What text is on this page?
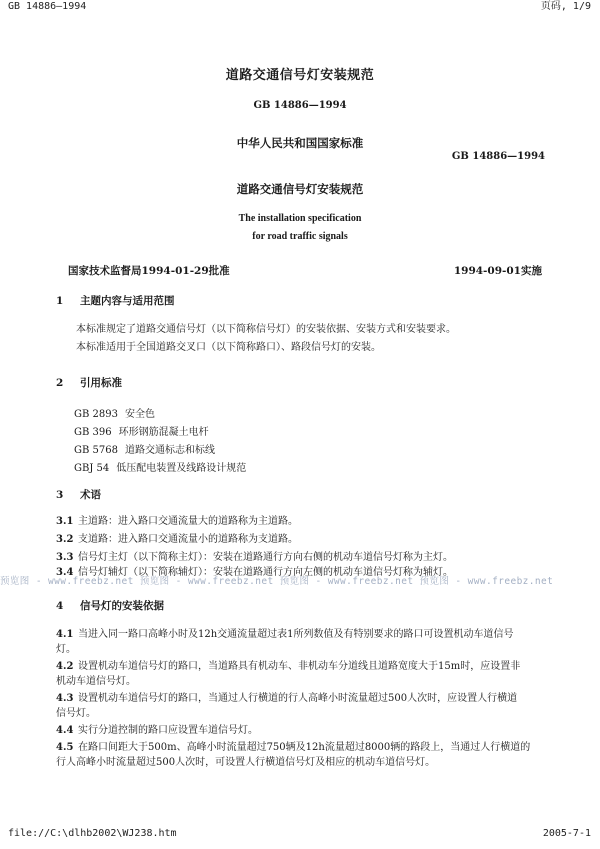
GB 14886—1994	页码, 1/9
道路交通信号灯安装规范
GB 14886—1994
中华人民共和国国家标准
GB 14886—1994
道路交通信号灯安装规范
The installation specification
for road traffic signals
国家技术监督局1994-01-29批准	1994-09-01实施
1 主题内容与适用范围
本标准规定了道路交通信号灯（以下简称信号灯）的安装依据、安装方式和安装要求。
本标准适用于全国道路交叉口（以下简称路口）、路段信号灯的安装。
2 引用标准
GB 2893 安全色
GB 396 环形钢筋混凝土电杆
GB 5768 道路交通标志和标线
GBJ 54 低压配电装置及线路设计规范
3 术语
3.1 主道路：进入路口交通流量大的道路称为主道路。
3.2 支道路：进入路口交通流量小的道路称为支道路。
3.3 信号灯主灯（以下简称主灯）：安装在道路通行方向右侧的机动车道信号灯称为主灯。
3.4 信号灯辅灯（以下简称辅灯）：安装在道路通行方向左侧的机动车道信号灯称为辅灯。
预览图 - www.freebz.net 预览图 - www.freebz.net 预览图 - www.freebz.net 预览图 - www.freebz.net
4 信号灯的安装依据
4.1 当进入同一路口高峰小时及12h交通流量超过表1所列数值及有特别要求的路口可设置机动车道信号
灯。
4.2 设置机动车道信号灯的路口，当道路具有机动车、非机动车分道线且道路宽度大于15m时，应设置非
机动车道信号灯。
4.3 设置机动车道信号灯的路口，当通过人行横道的行人高峰小时流量超过500人次时，应设置人行横道
信号灯。
4.4 实行分道控制的路口应设置车道信号灯。
4.5 在路口间距大于500m、高峰小时流量超过750辆及12h流量超过8000辆的路段上，当通过人行横道的
行人高峰小时流量超过500人次时，可设置人行横道信号灯及相应的机动车道信号灯。
file://C:\dlhb2002\WJ238.htm	2005-7-1
